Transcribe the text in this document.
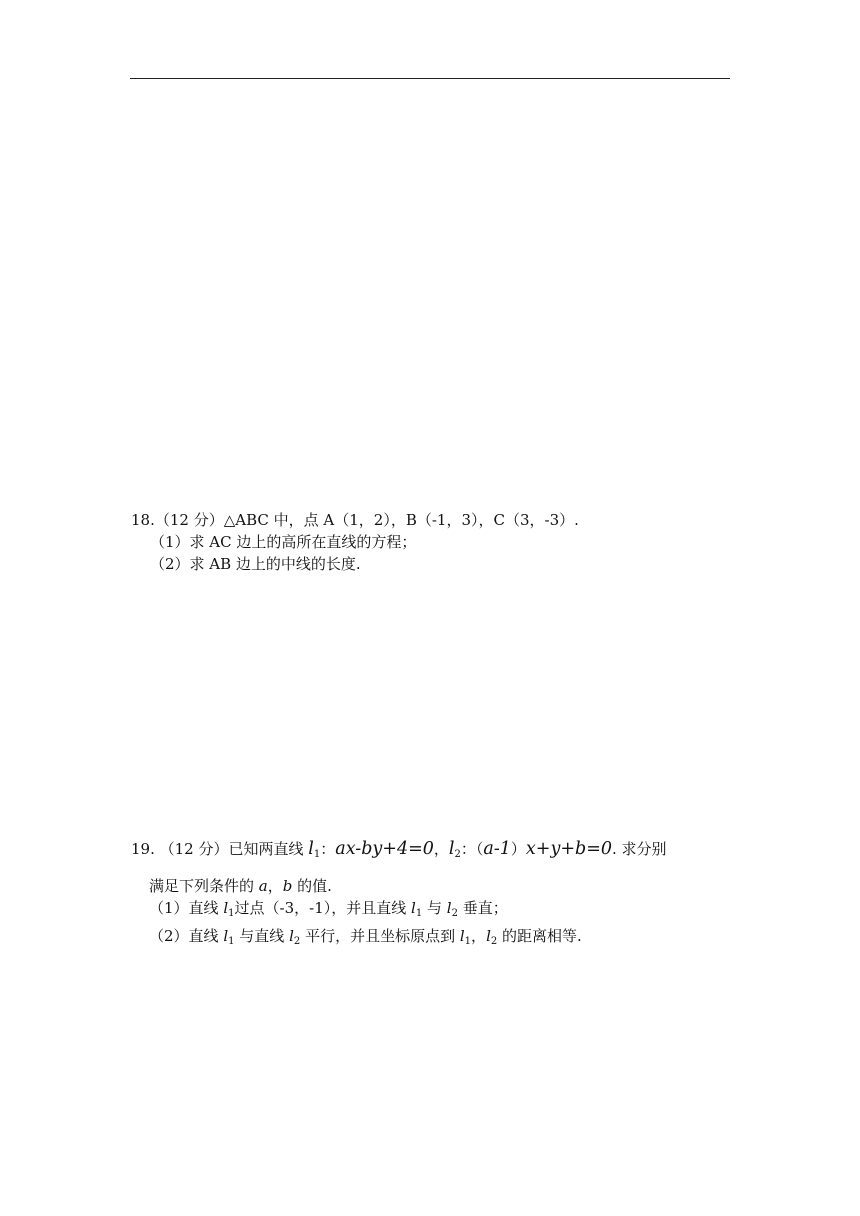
18.（12 分）△ABC 中，点 A（1，2），B（-1，3），C（3，-3）.
（1）求 AC 边上的高所在直线的方程；
（2）求 AB 边上的中线的长度.
19. （12 分）已知两直线 $l_1$：ax-by+4=0，$l_2$：（a-1）x+y+b=0. 求分别
满足下列条件的 a，b 的值.
（1）直线 $l_1$过点（-3，-1），并且直线 $l_1$ 与 $l_2$ 垂直；
（2）直线 $l_1$ 与直线 $l_2$ 平行，并且坐标原点到 $l_1$，$l_2$ 的距离相等.
